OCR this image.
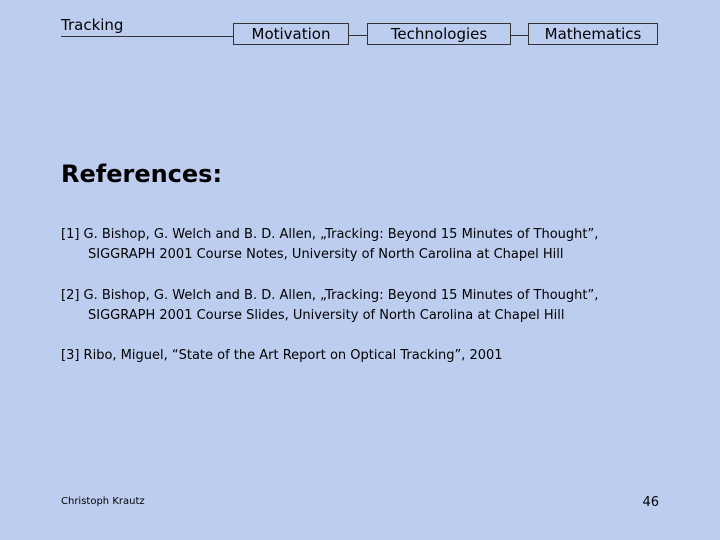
Tracking	Motivation	Technologies	Mathematics
References:
[1] G. Bishop, G. Welch and B. D. Allen, „Tracking: Beyond 15 Minutes of Thought”,
SIGGRAPH 2001 Course Notes, University of North Carolina at Chapel Hill
[2] G. Bishop, G. Welch and B. D. Allen, „Tracking: Beyond 15 Minutes of Thought”,
SIGGRAPH 2001 Course Slides, University of North Carolina at Chapel Hill
[3] Ribo, Miguel, “State of the Art Report on Optical Tracking”, 2001
Christoph Krautz	46
